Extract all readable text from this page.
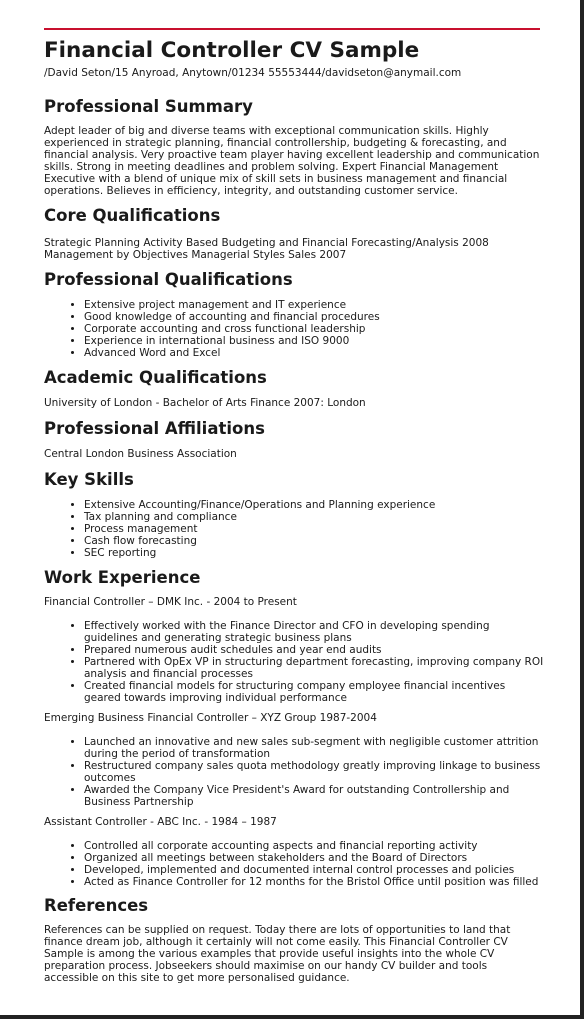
Financial Controller CV Sample
/David Seton/15 Anyroad, Anytown/01234 55553444/davidseton@anymail.com
Professional Summary

Adept leader of big and diverse teams with exceptional communication skills. Highly experienced in strategic planning, financial controllership, budgeting & forecasting, and financial analysis. Very proactive team player having excellent leadership and communication skills. Strong in meeting deadlines and problem solving. Expert Financial Management Executive with a blend of unique mix of skill sets in business management and financial operations. Believes in efficiency, integrity, and outstanding customer service.

Core Qualifications

Strategic Planning Activity Based Budgeting and Financial Forecasting/Analysis 2008 Management by Objectives Managerial Styles Sales 2007

Professional Qualifications
• Extensive project management and IT experience
• Good knowledge of accounting and financial procedures
• Corporate accounting and cross functional leadership
• Experience in international business and ISO 9000
• Advanced Word and Excel
Academic Qualifications

University of London - Bachelor of Arts Finance 2007: London

Professional Affiliations

Central London Business Association

Key Skills
• Extensive Accounting/Finance/Operations and Planning experience
• Tax planning and compliance
• Process management
• Cash flow forecasting
• SEC reporting
Work Experience
Financial Controller – DMK Inc. - 2004 to Present
• Effectively worked with the Finance Director and CFO in developing spending guidelines and generating strategic business plans
• Prepared numerous audit schedules and year end audits
• Partnered with OpEx VP in structuring department forecasting, improving company ROI analysis and financial processes
• Created financial models for structuring company employee financial incentives geared towards improving individual performance
Emerging Business Financial Controller – XYZ Group 1987-2004
• Launched an innovative and new sales sub-segment with negligible customer attrition during the period of transformation
• Restructured company sales quota methodology greatly improving linkage to business outcomes
• Awarded the Company Vice President's Award for outstanding Controllership and Business Partnership
Assistant Controller - ABC Inc. - 1984 – 1987
• Controlled all corporate accounting aspects and financial reporting activity
• Organized all meetings between stakeholders and the Board of Directors
• Developed, implemented and documented internal control processes and policies
• Acted as Finance Controller for 12 months for the Bristol Office until position was filled
References

References can be supplied on request. Today there are lots of opportunities to land that finance dream job, although it certainly will not come easily. This Financial Controller CV Sample is among the various examples that provide useful insights into the whole CV preparation process. Jobseekers should maximise on our handy CV builder and tools accessible on this site to get more personalised guidance.
